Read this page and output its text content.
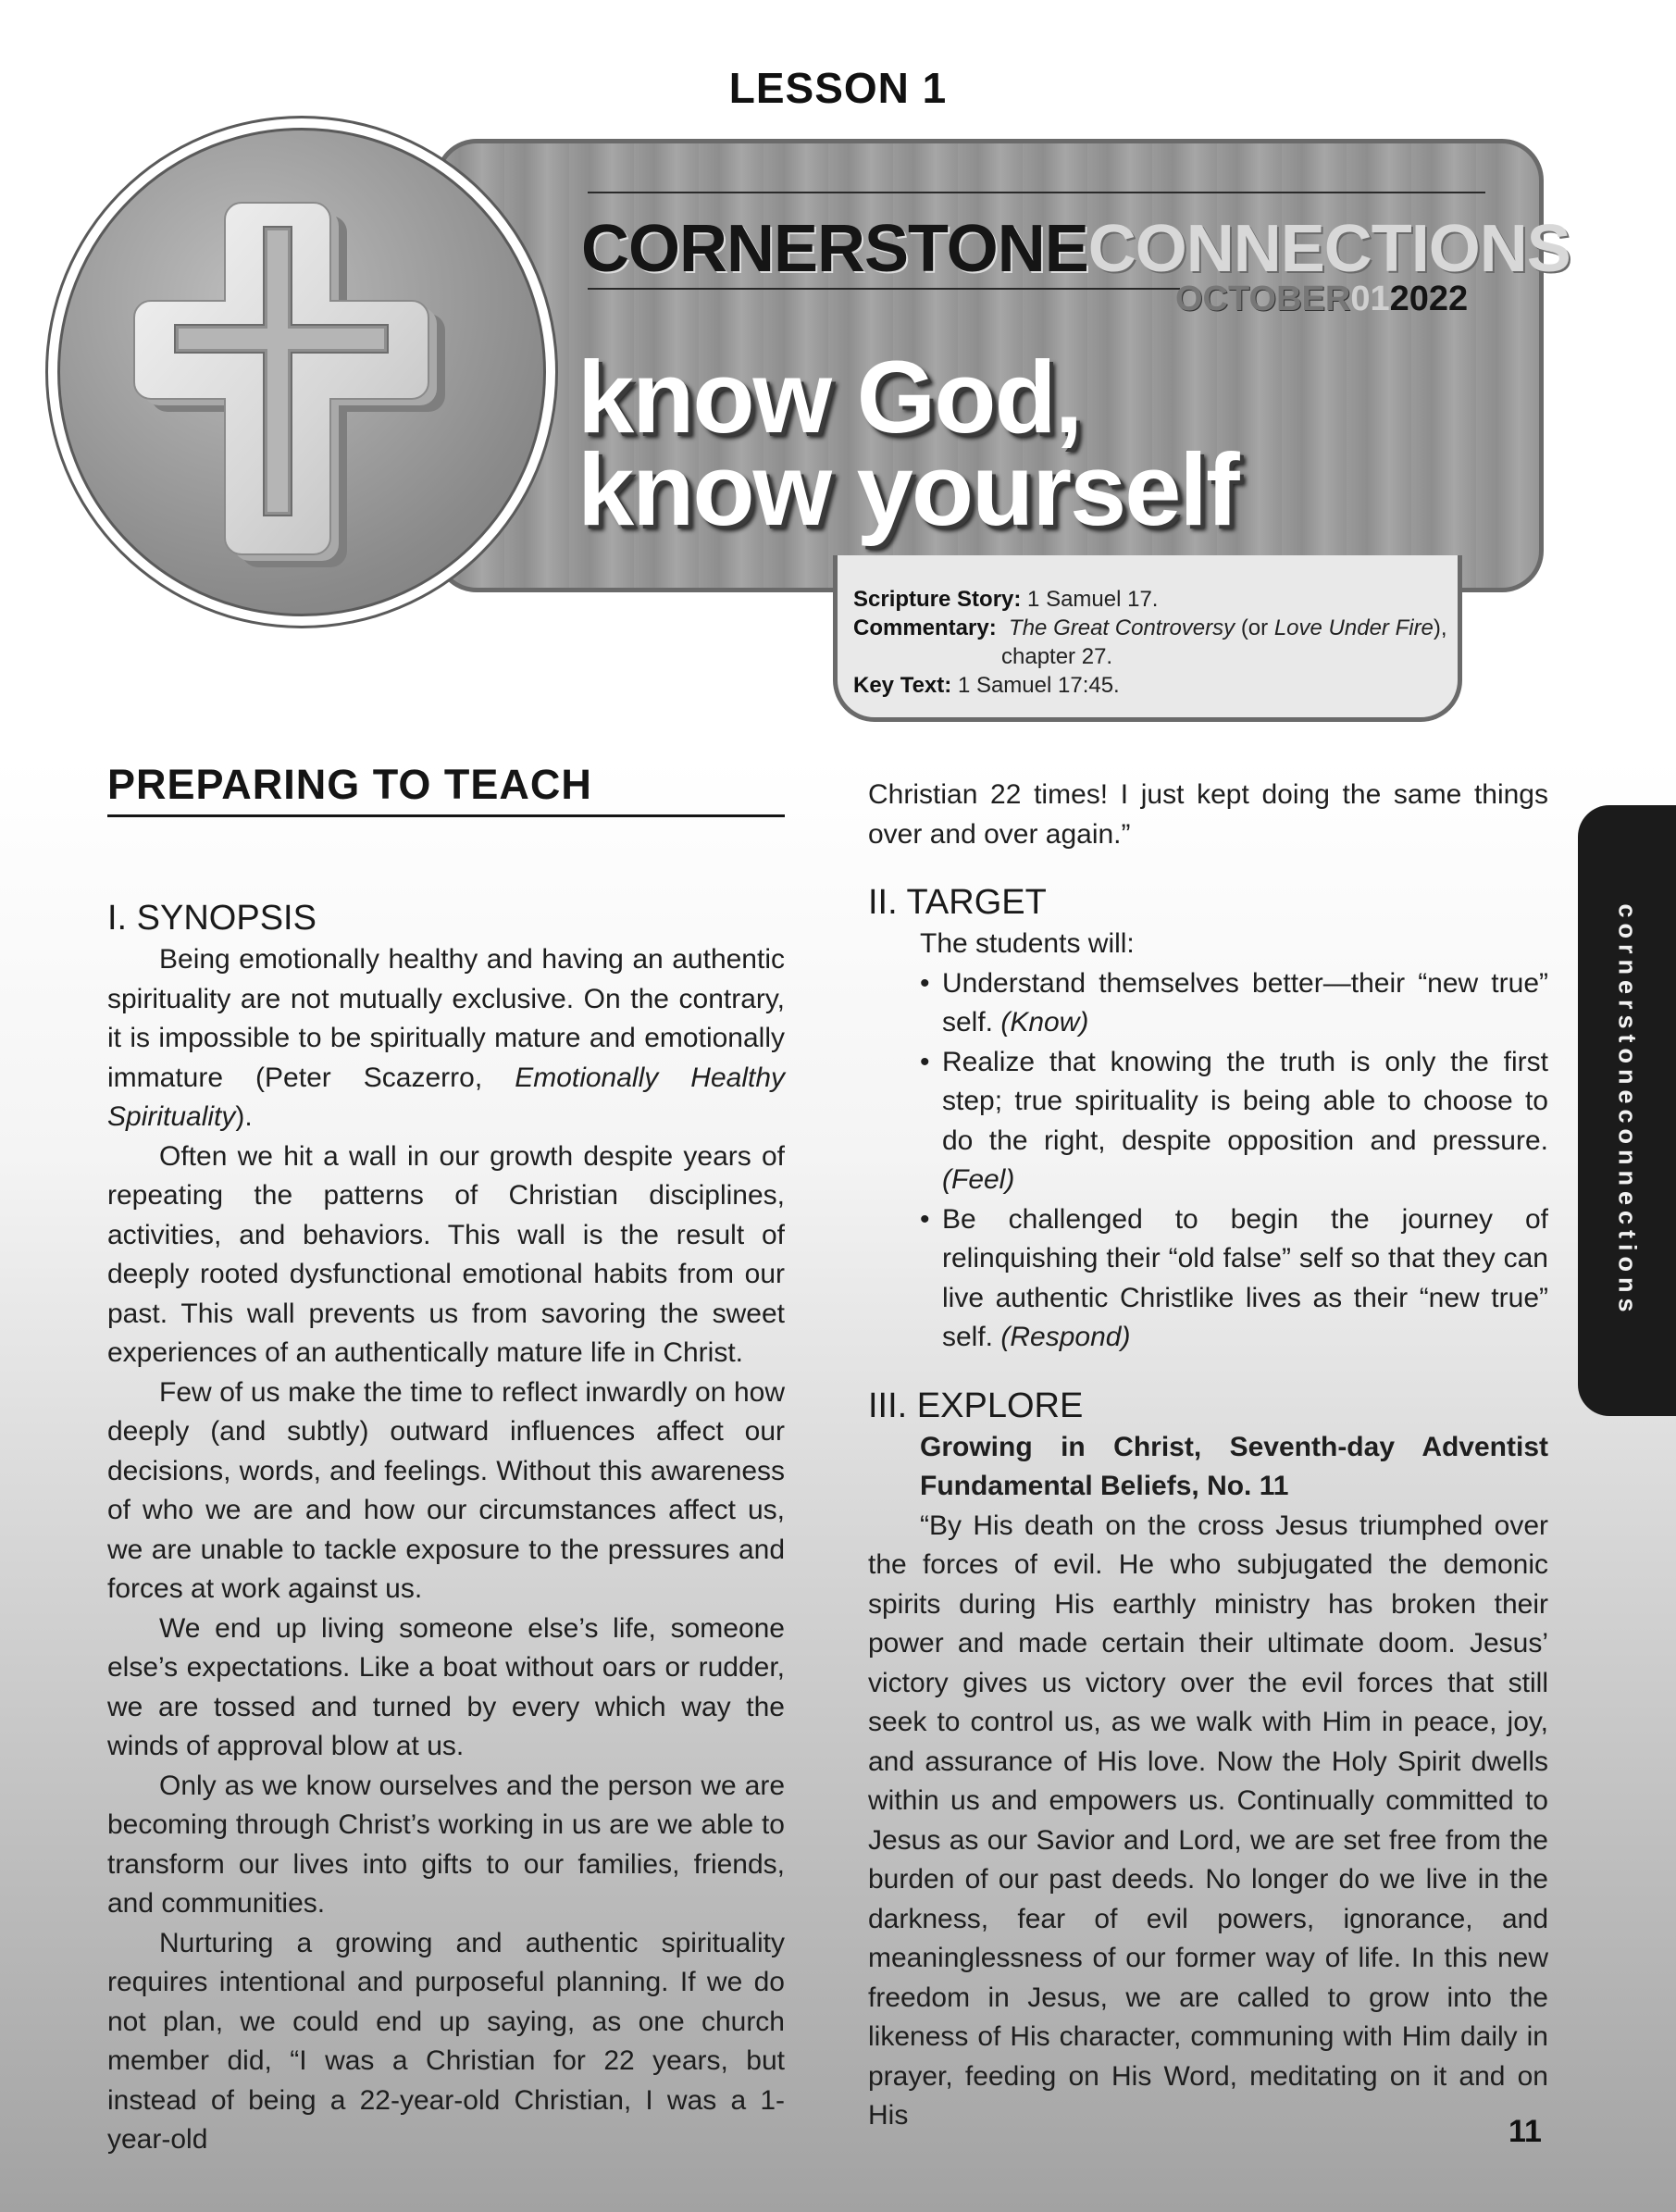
LESSON 1
CORNERSTONECONNECTIONS
OCTOBER012022
know God,
know yourself
Scripture Story: 1 Samuel 17.
Commentary: The Great Controversy (or Love Under Fire),
chapter 27.
Key Text: 1 Samuel 17:45.
PREPARING TO TEACH
I. SYNOPSIS

Being emotionally healthy and having an authentic spirituality are not mutually exclusive. On the contrary, it is impossible to be spiritually mature and emotionally immature (Peter Scazerro, Emotionally Healthy Spirituality).

Often we hit a wall in our growth despite years of repeating the patterns of Christian disciplines, activities, and behaviors. This wall is the result of deeply rooted dysfunctional emotional habits from our past. This wall prevents us from savoring the sweet experiences of an authentically mature life in Christ.

Few of us make the time to reflect inwardly on how deeply (and subtly) outward influences affect our decisions, words, and feelings. Without this awareness of who we are and how our circumstances affect us, we are unable to tackle exposure to the pressures and forces at work against us.

We end up living someone else’s life, someone else’s expectations. Like a boat without oars or rudder, we are tossed and turned by every which way the winds of approval blow at us.

Only as we know ourselves and the person we are becoming through Christ’s working in us are we able to transform our lives into gifts to our families, friends, and communities.

Nurturing a growing and authentic spirituality requires intentional and purposeful planning. If we do not plan, we could end up saying, as one church member did, “I was a Christian for 22 years, but instead of being a 22-year-old Christian, I was a 1-year-old

Christian 22 times! I just kept doing the same things over and over again.”

II. TARGET

The students will:

• Understand themselves better—their “new true” self. (Know)
• Realize that knowing the truth is only the first step; true spirituality is being able to choose to do the right, despite opposition and pressure. (Feel)
• Be challenged to begin the journey of relinquishing their “old false” self so that they can live authentic Christlike lives as their “new true” self. (Respond)
III. EXPLORE

Growing in Christ, Seventh-day Adventist Fundamental Beliefs, No. 11

“By His death on the cross Jesus triumphed over the forces of evil. He who subjugated the demonic spirits during His earthly ministry has broken their power and made certain their ultimate doom. Jesus’ victory gives us victory over the evil forces that still seek to control us, as we walk with Him in peace, joy, and assurance of His love. Now the Holy Spirit dwells within us and empowers us. Continually committed to Jesus as our Savior and Lord, we are set free from the burden of our past deeds. No longer do we live in the darkness, fear of evil powers, ignorance, and meaninglessness of our former way of life. In this new freedom in Jesus, we are called to grow into the likeness of His character, communing with Him daily in prayer, feeding on His Word, meditating on it and on His

cornerstoneconnections
11
